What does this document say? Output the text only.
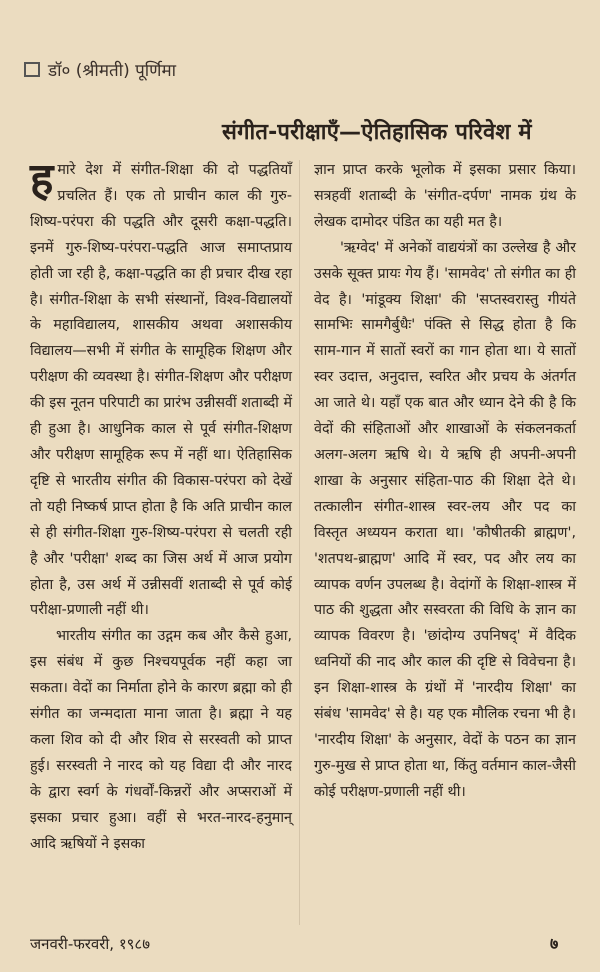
डॉ० (श्रीमती) पूर्णिमा
संगीत-परीक्षाएँ—ऐतिहासिक परिवेश में

हमारे देश में संगीत-शिक्षा की दो पद्धतियाँ प्रचलित हैं। एक तो प्राचीन काल की गुरु-शिष्य-परंपरा की पद्धति और दूसरी कक्षा-पद्धति। इनमें गुरु-शिष्य-परंपरा-पद्धति आज समाप्तप्राय होती जा रही है, कक्षा-पद्धति का ही प्रचार दीख रहा है। संगीत-शिक्षा के सभी संस्थानों, विश्व-विद्यालयों के महाविद्यालय, शासकीय अथवा अशासकीय विद्यालय—सभी में संगीत के सामूहिक शिक्षण और परीक्षण की व्यवस्था है। संगीत-शिक्षण और परीक्षण की इस नूतन परिपाटी का प्रारंभ उन्नीसवीं शताब्दी में ही हुआ है। आधुनिक काल से पूर्व संगीत-शिक्षण और परीक्षण सामूहिक रूप में नहीं था। ऐतिहासिक दृष्टि से भारतीय संगीत की विकास-परंपरा को देखें तो यही निष्कर्ष प्राप्त होता है कि अति प्राचीन काल से ही संगीत-शिक्षा गुरु-शिष्य-परंपरा से चलती रही है और 'परीक्षा' शब्द का जिस अर्थ में आज प्रयोग होता है, उस अर्थ में उन्नीसवीं शताब्दी से पूर्व कोई परीक्षा-प्रणाली नहीं थी।

भारतीय संगीत का उद्गम कब और कैसे हुआ, इस संबंध में कुछ निश्चयपूर्वक नहीं कहा जा सकता। वेदों का निर्माता होने के कारण ब्रह्मा को ही संगीत का जन्मदाता माना जाता है। ब्रह्मा ने यह कला शिव को दी और शिव से सरस्वती को प्राप्त हुई। सरस्वती ने नारद को यह विद्या दी और नारद के द्वारा स्वर्ग के गंधर्वों-किन्नरों और अप्सराओं में इसका प्रचार हुआ। वहीं से भरत-नारद-हनुमान् आदि ऋषियों ने इसका

ज्ञान प्राप्त करके भूलोक में इसका प्रसार किया। सत्रहवीं शताब्दी के 'संगीत-दर्पण' नामक ग्रंथ के लेखक दामोदर पंडित का यही मत है।

'ऋग्वेद' में अनेकों वाद्ययंत्रों का उल्लेख है और उसके सूक्त प्रायः गेय हैं। 'सामवेद' तो संगीत का ही वेद है। 'मांडूक्य शिक्षा' की 'सप्तस्वरास्तु गीयंते सामभिः सामगैर्बुधैः' पंक्ति से सिद्ध होता है कि साम-गान में सातों स्वरों का गान होता था। ये सातों स्वर उदात्त, अनुदात्त, स्वरित और प्रचय के अंतर्गत आ जाते थे। यहाँ एक बात और ध्यान देने की है कि वेदों की संहिताओं और शाखाओं के संकलनकर्ता अलग-अलग ऋषि थे। ये ऋषि ही अपनी-अपनी शाखा के अनुसार संहिता-पाठ की शिक्षा देते थे। तत्कालीन संगीत-शास्त्र स्वर-लय और पद का विस्तृत अध्ययन कराता था। 'कौषीतकी ब्राह्मण', 'शतपथ-ब्राह्मण' आदि में स्वर, पद और लय का व्यापक वर्णन उपलब्ध है। वेदांगों के शिक्षा-शास्त्र में पाठ की शुद्धता और सस्वरता की विधि के ज्ञान का व्यापक विवरण है। 'छांदोग्य उपनिषद्' में वैदिक ध्वनियों की नाद और काल की दृष्टि से विवेचना है। इन शिक्षा-शास्त्र के ग्रंथों में 'नारदीय शिक्षा' का संबंध 'सामवेद' से है। यह एक मौलिक रचना भी है। 'नारदीय शिक्षा' के अनुसार, वेदों के पठन का ज्ञान गुरु-मुख से प्राप्त होता था, किंतु वर्तमान काल-जैसी कोई परीक्षण-प्रणाली नहीं थी।

जनवरी-फरवरी, १९८७	७
